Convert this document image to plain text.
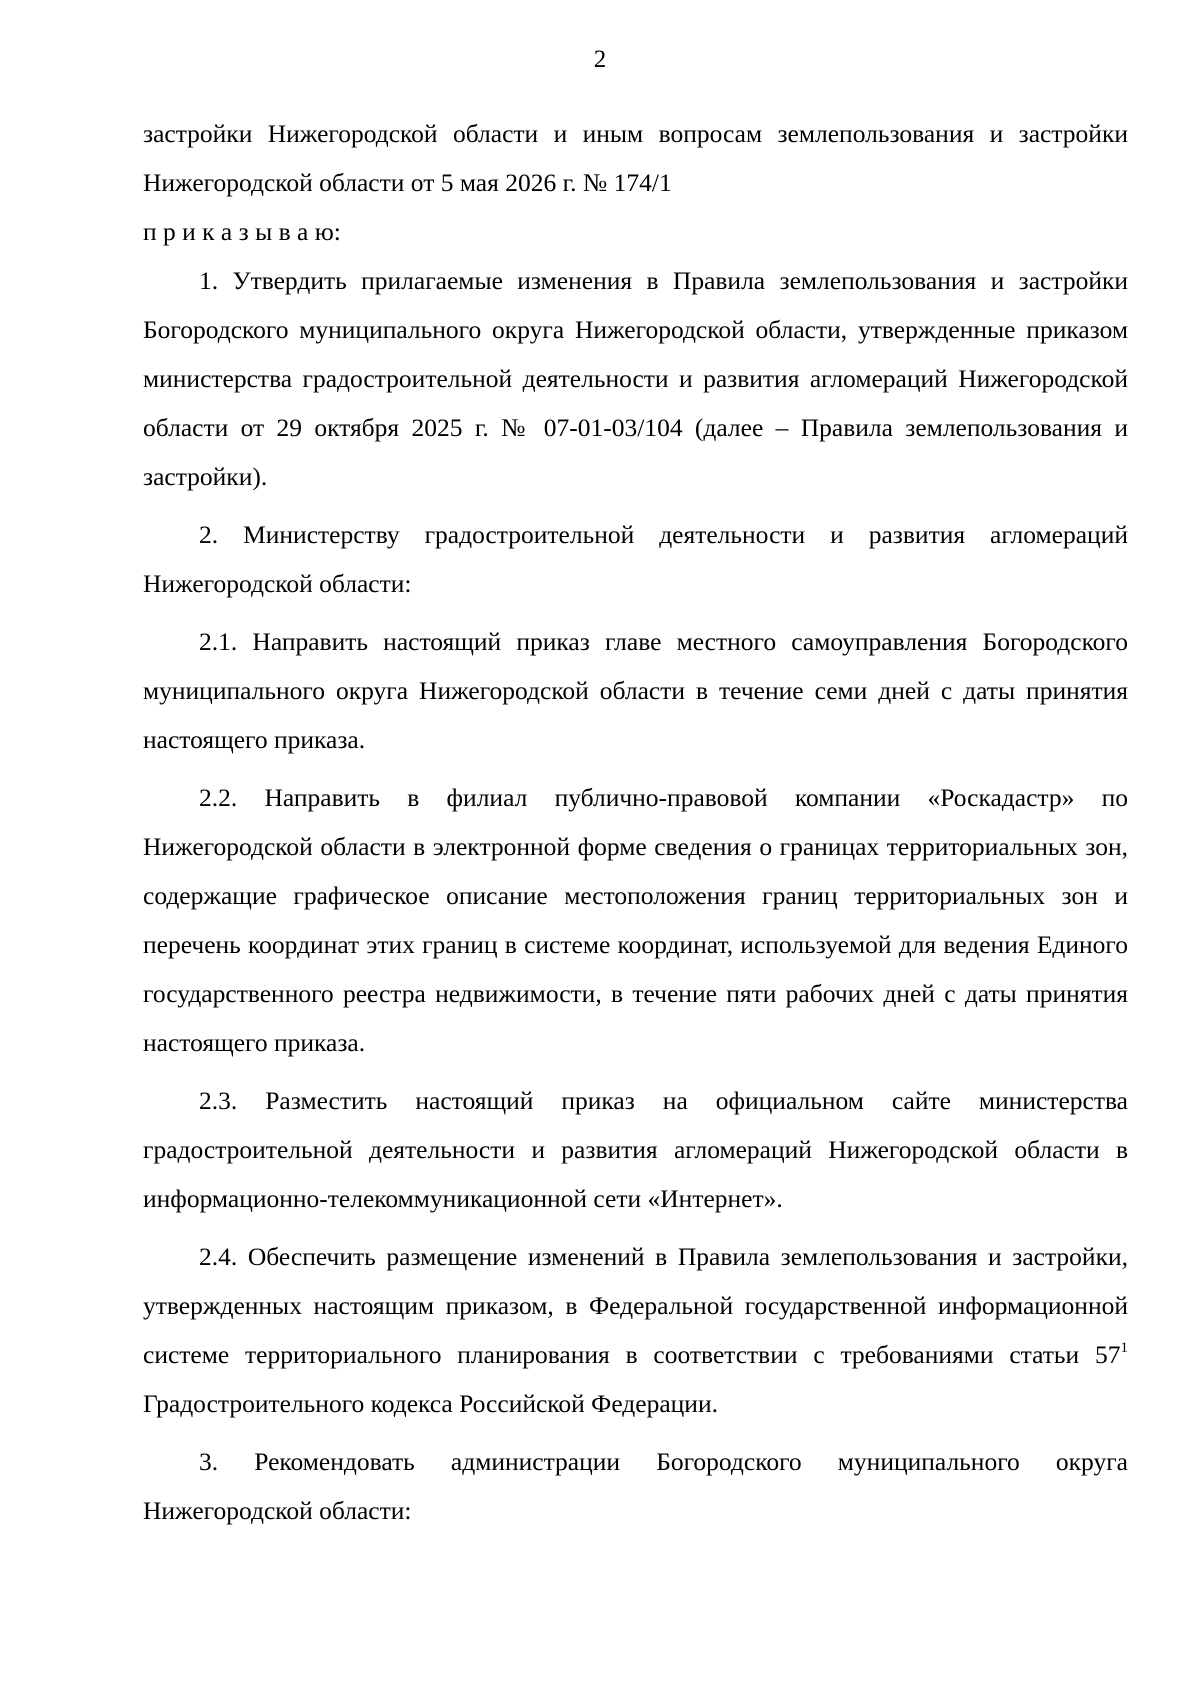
2

застройки Нижегородской области и иным вопросам землепользования и застройки Нижегородской области от 5 мая 2026 г. № 174/1

п р и к а з ы в а ю:

1. Утвердить прилагаемые изменения в Правила землепользования и застройки Богородского муниципального округа Нижегородской области, утвержденные приказом министерства градостроительной деятельности и развития агломераций Нижегородской области от 29 октября 2025 г. № 07-01-03/104 (далее – Правила землепользования и застройки).

2. Министерству градостроительной деятельности и развития агломераций Нижегородской области:

2.1. Направить настоящий приказ главе местного самоуправления Богородского муниципального округа Нижегородской области в течение семи дней с даты принятия настоящего приказа.

2.2. Направить в филиал публично-правовой компании «Роскадастр» по Нижегородской области в электронной форме сведения о границах территориальных зон, содержащие графическое описание местоположения границ территориальных зон и перечень координат этих границ в системе координат, используемой для ведения Единого государственного реестра недвижимости, в течение пяти рабочих дней с даты принятия настоящего приказа.

2.3. Разместить настоящий приказ на официальном сайте министерства градостроительной деятельности и развития агломераций Нижегородской области в информационно-телекоммуникационной сети «Интернет».

2.4. Обеспечить размещение изменений в Правила землепользования и застройки, утвержденных настоящим приказом, в Федеральной государственной информационной системе территориального планирования в соответствии с требованиями статьи $57^1$ Градостроительного кодекса Российской Федерации.

3. Рекомендовать администрации Богородского муниципального округа Нижегородской области:
